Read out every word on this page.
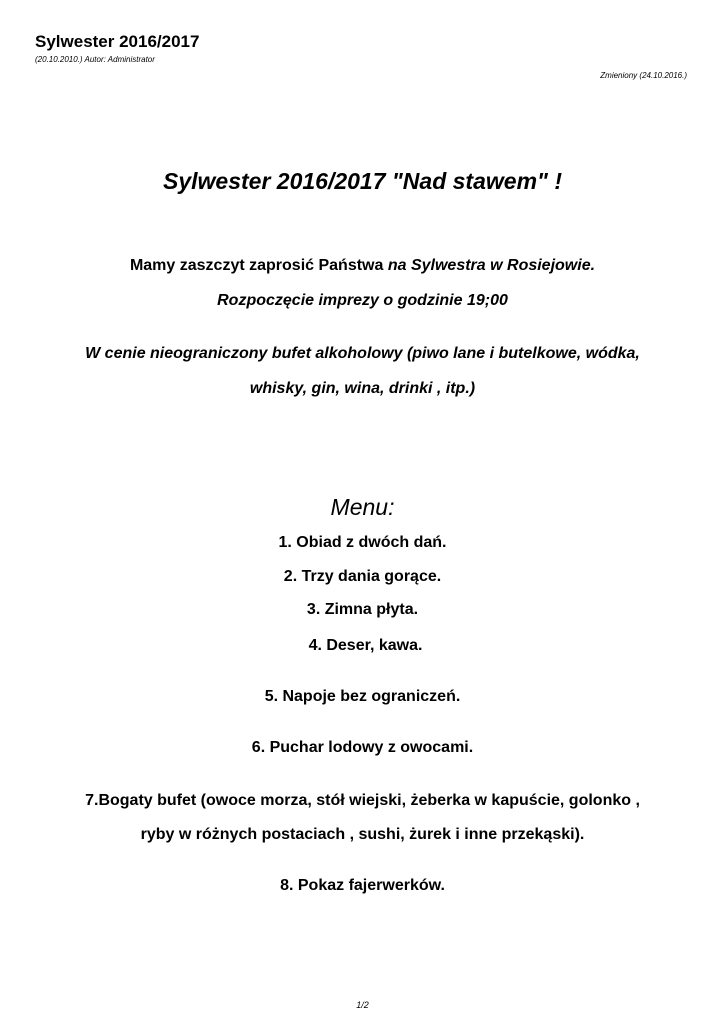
Sylwester 2016/2017
(20.10.2010.) Autor: Administrator
Zmieniony (24.10.2016.)
Sylwester 2016/2017 "Nad stawem" !
Mamy zaszczyt zaprosić Państwa na Sylwestra w Rosiejowie.
Rozpoczęcie imprezy o godzinie 19;00
W cenie nieograniczony bufet alkoholowy (piwo lane i butelkowe, wódka,
whisky, gin, wina, drinki , itp.)
Menu:
1. Obiad z dwóch dań.
2. Trzy dania gorące.
3. Zimna płyta.
4. Deser, kawa.
5. Napoje bez ograniczeń.
6. Puchar lodowy z owocami.
7.Bogaty bufet (owoce morza, stół wiejski, żeberka w kapuście, golonko ,
ryby w różnych postaciach , sushi, żurek i inne przekąski).
8. Pokaz fajerwerków.
1/2
